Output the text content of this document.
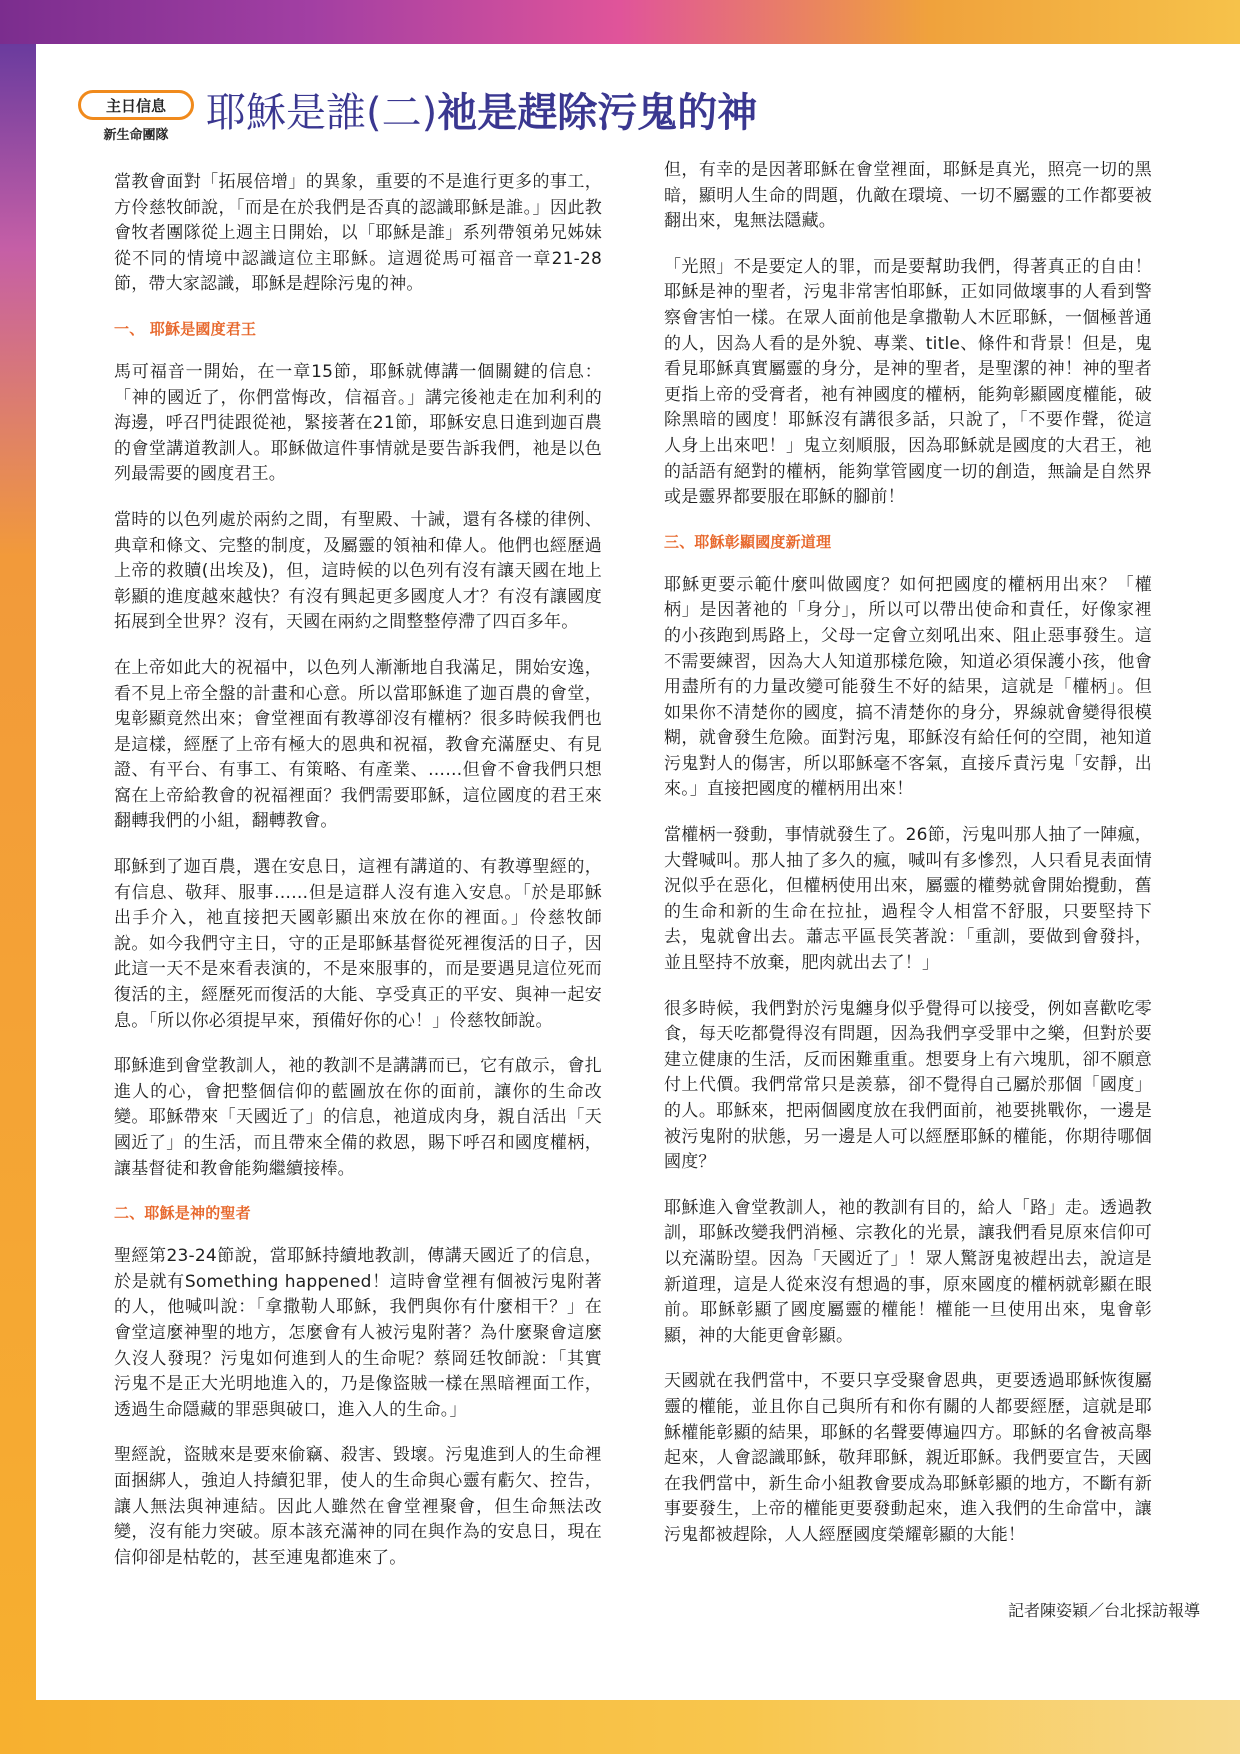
主日信息
新生命團隊 耶穌是誰(二)祂是趕除污鬼的神

當教會面對「拓展倍增」的異象，重要的不是進行更多的事工，方伶慈牧師說，「而是在於我們是否真的認識耶穌是誰。」因此教會牧者團隊從上週主日開始，以「耶穌是誰」系列帶領弟兄姊妹從不同的情境中認識這位主耶穌。這週從馬可福音一章21-28節，帶大家認識，耶穌是趕除污鬼的神。

一、 耶穌是國度君王

馬可福音一開始，在一章15節，耶穌就傳講一個關鍵的信息：「神的國近了，你們當悔改，信福音。」講完後祂走在加利利的海邊，呼召門徒跟從祂，緊接著在21節，耶穌安息日進到迦百農的會堂講道教訓人。耶穌做這件事情就是要告訴我們，祂是以色列最需要的國度君王。

當時的以色列處於兩約之間，有聖殿、十誡，還有各樣的律例、典章和條文、完整的制度，及屬靈的領袖和偉人。他們也經歷過上帝的救贖(出埃及)，但，這時候的以色列有沒有讓天國在地上彰顯的進度越來越快？有沒有興起更多國度人才？有沒有讓國度拓展到全世界？沒有，天國在兩約之間整整停滯了四百多年。

在上帝如此大的祝福中，以色列人漸漸地自我滿足，開始安逸，看不見上帝全盤的計畫和心意。所以當耶穌進了迦百農的會堂，鬼彰顯竟然出來；會堂裡面有教導卻沒有權柄？很多時候我們也是這樣，經歷了上帝有極大的恩典和祝福，教會充滿歷史、有見證、有平台、有事工、有策略、有產業、……但會不會我們只想窩在上帝給教會的祝福裡面？我們需要耶穌，這位國度的君王來翻轉我們的小組，翻轉教會。

耶穌到了迦百農，選在安息日，這裡有講道的、有教導聖經的，有信息、敬拜、服事……但是這群人沒有進入安息。「於是耶穌出手介入，祂直接把天國彰顯出來放在你的裡面。」伶慈牧師說。如今我們守主日，守的正是耶穌基督從死裡復活的日子，因此這一天不是來看表演的，不是來服事的，而是要遇見這位死而復活的主，經歷死而復活的大能、享受真正的平安、與神一起安息。「所以你必須提早來，預備好你的心！」伶慈牧師說。

耶穌進到會堂教訓人，祂的教訓不是講講而已，它有啟示，會扎進人的心，會把整個信仰的藍圖放在你的面前，讓你的生命改變。耶穌帶來「天國近了」的信息，祂道成肉身，親自活出「天國近了」的生活，而且帶來全備的救恩，賜下呼召和國度權柄，讓基督徒和教會能夠繼續接棒。

二、耶穌是神的聖者

聖經第23-24節說，當耶穌持續地教訓，傳講天國近了的信息，於是就有Something happened！這時會堂裡有個被污鬼附著的人，他喊叫說：「拿撒勒人耶穌，我們與你有什麼相干？」在會堂這麼神聖的地方，怎麼會有人被污鬼附著？為什麼聚會這麼久沒人發現？污鬼如何進到人的生命呢？蔡岡廷牧師說：「其實污鬼不是正大光明地進入的，乃是像盜賊一樣在黑暗裡面工作，透過生命隱藏的罪惡與破口，進入人的生命。」

聖經說，盜賊來是要來偷竊、殺害、毀壞。污鬼進到人的生命裡面捆綁人，強迫人持續犯罪，使人的生命與心靈有虧欠、控告，讓人無法與神連結。因此人雖然在會堂裡聚會，但生命無法改變，沒有能力突破。原本該充滿神的同在與作為的安息日，現在信仰卻是枯乾的，甚至連鬼都進來了。

但，有幸的是因著耶穌在會堂裡面，耶穌是真光，照亮一切的黑暗，顯明人生命的問題，仇敵在環境、一切不屬靈的工作都要被翻出來，鬼無法隱藏。

「光照」不是要定人的罪，而是要幫助我們，得著真正的自由！耶穌是神的聖者，污鬼非常害怕耶穌，正如同做壞事的人看到警察會害怕一樣。在眾人面前他是拿撒勒人木匠耶穌，一個極普通的人，因為人看的是外貌、專業、title、條件和背景！但是，鬼看見耶穌真實屬靈的身分，是神的聖者，是聖潔的神！神的聖者更指上帝的受膏者，祂有神國度的權柄，能夠彰顯國度權能，破除黑暗的國度！耶穌沒有講很多話，只說了，「不要作聲，從這人身上出來吧！」鬼立刻順服，因為耶穌就是國度的大君王，祂的話語有絕對的權柄，能夠掌管國度一切的創造，無論是自然界或是靈界都要服在耶穌的腳前！

三、耶穌彰顯國度新道理

耶穌更要示範什麼叫做國度？如何把國度的權柄用出來？「權柄」是因著祂的「身分」，所以可以帶出使命和責任，好像家裡的小孩跑到馬路上，父母一定會立刻吼出來、阻止惡事發生。這不需要練習，因為大人知道那樣危險，知道必須保護小孩，他會用盡所有的力量改變可能發生不好的結果，這就是「權柄」。但如果你不清楚你的國度，搞不清楚你的身分，界線就會變得很模糊，就會發生危險。面對污鬼，耶穌沒有給任何的空間，祂知道污鬼對人的傷害，所以耶穌毫不客氣，直接斥責污鬼「安靜，出來。」直接把國度的權柄用出來！

當權柄一發動，事情就發生了。26節，污鬼叫那人抽了一陣瘋，大聲喊叫。那人抽了多久的瘋，喊叫有多慘烈，人只看見表面情況似乎在惡化，但權柄使用出來，屬靈的權勢就會開始攪動，舊的生命和新的生命在拉扯，過程令人相當不舒服，只要堅持下去，鬼就會出去。蕭志平區長笑著說：「重訓，要做到會發抖，並且堅持不放棄，肥肉就出去了！」

很多時候，我們對於污鬼纏身似乎覺得可以接受，例如喜歡吃零食，每天吃都覺得沒有問題，因為我們享受罪中之樂，但對於要建立健康的生活，反而困難重重。想要身上有六塊肌，卻不願意付上代價。我們常常只是羨慕，卻不覺得自己屬於那個「國度」的人。耶穌來，把兩個國度放在我們面前，祂要挑戰你，一邊是被污鬼附的狀態，另一邊是人可以經歷耶穌的權能，你期待哪個國度？

耶穌進入會堂教訓人，祂的教訓有目的，給人「路」走。透過教訓，耶穌改變我們消極、宗教化的光景，讓我們看見原來信仰可以充滿盼望。因為「天國近了」！眾人驚訝鬼被趕出去，說這是新道理，這是人從來沒有想過的事，原來國度的權柄就彰顯在眼前。耶穌彰顯了國度屬靈的權能！權能一旦使用出來，鬼會彰顯，神的大能更會彰顯。

天國就在我們當中，不要只享受聚會恩典，更要透過耶穌恢復屬靈的權能，並且你自己與所有和你有關的人都要經歷，這就是耶穌權能彰顯的結果，耶穌的名聲要傳遍四方。耶穌的名會被高舉起來，人會認識耶穌，敬拜耶穌，親近耶穌。我們要宣告，天國在我們當中，新生命小組教會要成為耶穌彰顯的地方，不斷有新事要發生，上帝的權能更要發動起來，進入我們的生命當中，讓污鬼都被趕除，人人經歷國度榮耀彰顯的大能！

記者陳姿穎／台北採訪報導
